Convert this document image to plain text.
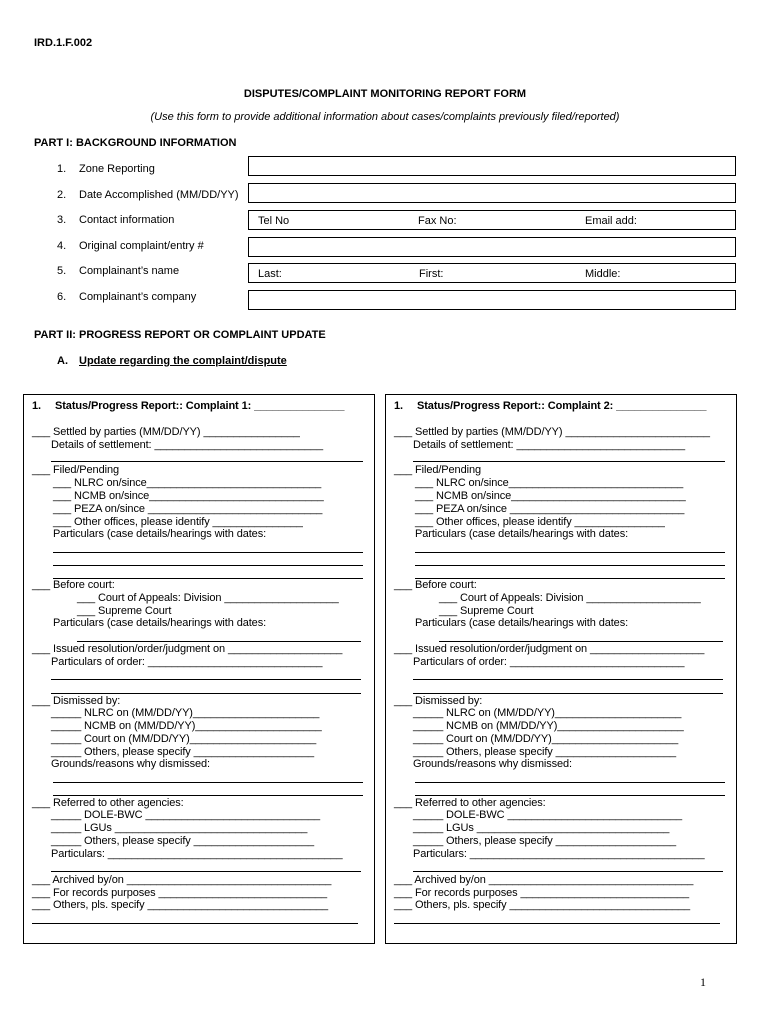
IRD.1.F.002
DISPUTES/COMPLAINT MONITORING REPORT FORM
(Use this form to provide additional information about cases/complaints previously filed/reported)
PART I: BACKGROUND INFORMATION
1. Zone Reporting
2. Date Accomplished (MM/DD/YY)
3. Contact information	Tel No	Fax No:	Email add:
4. Original complaint/entry #
5. Complainant’s name	Last:	First:	Middle:
6. Complainant’s company
PART II: PROGRESS REPORT OR COMPLAINT UPDATE
A. Update regarding the complaint/dispute
1. Status/Progress Report:: Complaint 1: _______________
___ Settled by parties (MM/DD/YY) ________________
Details of settlement: ____________________________
___ Filed/Pending
___ NLRC on/since_____________________________
___ NCMB on/since_____________________________
___ PEZA on/since _____________________________
___ Other offices, please identify _______________
Particulars (case details/hearings with dates:
___ Before court:
___ Court of Appeals: Division ___________________
___ Supreme Court
Particulars (case details/hearings with dates:
___ Issued resolution/order/judgment on ___________________
Particulars of order: _____________________________
___ Dismissed by:
_____ NLRC on (MM/DD/YY)_____________________
_____ NCMB on (MM/DD/YY)_____________________
_____ Court on (MM/DD/YY)_____________________
_____ Others, please specify ____________________
Grounds/reasons why dismissed:
___ Referred to other agencies:
_____ DOLE-BWC _____________________________
_____ LGUs ________________________________
_____ Others, please specify ____________________
Particulars: _______________________________________
___ Archived by/on __________________________________
___ For records purposes ____________________________
___ Others, pls. specify ______________________________
1. Status/Progress Report:: Complaint 2: _______________
___ Settled by parties (MM/DD/YY) ________________________
Details of settlement: ____________________________
___ Filed/Pending
___ NLRC on/since_____________________________
___ NCMB on/since_____________________________
___ PEZA on/since _____________________________
___ Other offices, please identify _______________
Particulars (case details/hearings with dates:
___ Before court:
___ Court of Appeals: Division ___________________
___ Supreme Court
Particulars (case details/hearings with dates:
___ Issued resolution/order/judgment on ___________________
Particulars of order: _____________________________
___ Dismissed by:
_____ NLRC on (MM/DD/YY)_____________________
_____ NCMB on (MM/DD/YY)_____________________
_____ Court on (MM/DD/YY)_____________________
_____ Others, please specify ____________________
Grounds/reasons why dismissed:
___ Referred to other agencies:
_____ DOLE-BWC _____________________________
_____ LGUs ________________________________
_____ Others, please specify ____________________
Particulars: _______________________________________
___ Archived by/on __________________________________
___ For records purposes ____________________________
___ Others, pls. specify ______________________________
1
